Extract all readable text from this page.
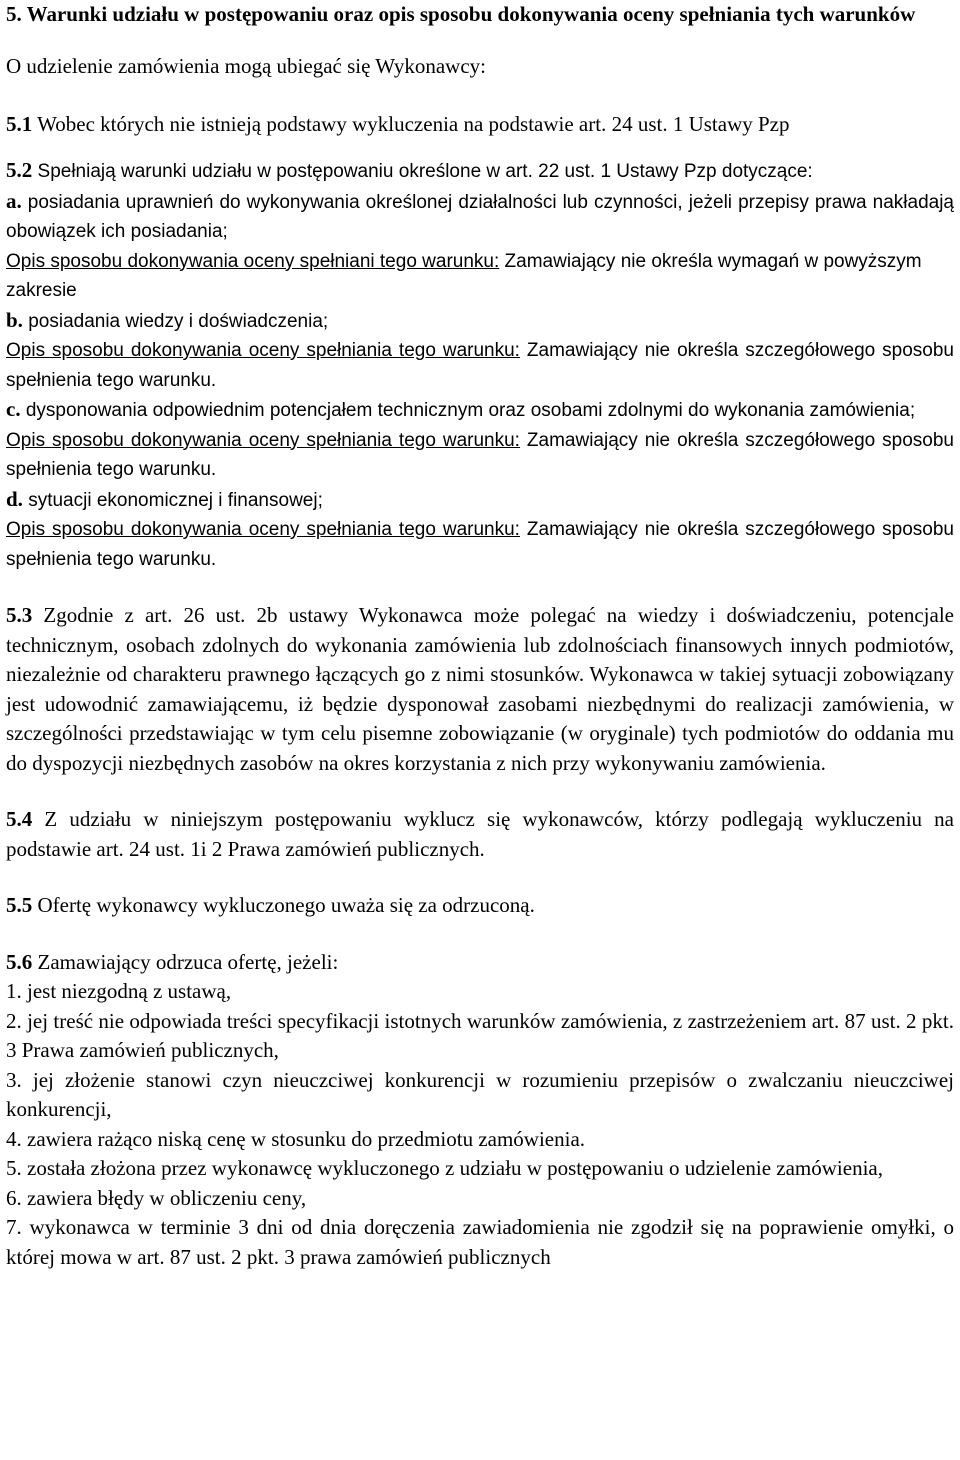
5. Warunki udziału w postępowaniu oraz opis sposobu dokonywania oceny spełniania tych warunków

O udzielenie zamówienia mogą ubiegać się Wykonawcy:

5.1 Wobec których nie istnieją podstawy wykluczenia na podstawie art. 24 ust. 1 Ustawy Pzp

5.2 Spełniają warunki udziału w postępowaniu określone w art. 22 ust. 1 Ustawy Pzp dotyczące:

a. posiadania uprawnień do wykonywania określonej działalności lub czynności, jeżeli przepisy prawa nakładają obowiązek ich posiadania;

Opis sposobu dokonywania oceny spełniani tego warunku: Zamawiający nie określa wymagań w powyższym zakresie

b. posiadania wiedzy i doświadczenia;

Opis sposobu dokonywania oceny spełniania tego warunku: Zamawiający nie określa szczegółowego sposobu spełnienia tego warunku.

c. dysponowania odpowiednim potencjałem technicznym oraz osobami zdolnymi do wykonania zamówienia;

Opis sposobu dokonywania oceny spełniania tego warunku: Zamawiający nie określa szczegółowego sposobu spełnienia tego warunku.

d. sytuacji ekonomicznej i finansowej;

Opis sposobu dokonywania oceny spełniania tego warunku: Zamawiający nie określa szczegółowego sposobu spełnienia tego warunku.

5.3 Zgodnie z art. 26 ust. 2b ustawy Wykonawca może polegać na wiedzy i doświadczeniu, potencjale technicznym, osobach zdolnych do wykonania zamówienia lub zdolnościach finansowych innych podmiotów, niezależnie od charakteru prawnego łączących go z nimi stosunków. Wykonawca w takiej sytuacji zobowiązany jest udowodnić zamawiającemu, iż będzie dysponował zasobami niezbędnymi do realizacji zamówienia, w szczególności przedstawiając w tym celu pisemne zobowiązanie (w oryginale) tych podmiotów do oddania mu do dyspozycji niezbędnych zasobów na okres korzystania z nich przy wykonywaniu zamówienia.

5.4 Z udziału w niniejszym postępowaniu wyklucz się wykonawców, którzy podlegają wykluczeniu na podstawie art. 24 ust. 1i 2 Prawa zamówień publicznych.

5.5 Ofertę wykonawcy wykluczonego uważa się za odrzuconą.

5.6 Zamawiający odrzuca ofertę, jeżeli:

1. jest niezgodną z ustawą,

2. jej treść nie odpowiada treści specyfikacji istotnych warunków zamówienia, z zastrzeżeniem art. 87 ust. 2 pkt. 3 Prawa zamówień publicznych,

3. jej złożenie stanowi czyn nieuczciwej konkurencji w rozumieniu przepisów o zwalczaniu nieuczciwej konkurencji,

4. zawiera rażąco niską cenę w stosunku do przedmiotu zamówienia.

5. została złożona przez wykonawcę wykluczonego z udziału w postępowaniu o udzielenie zamówienia,

6. zawiera błędy w obliczeniu ceny,

7. wykonawca w terminie 3 dni od dnia doręczenia zawiadomienia nie zgodził się na poprawienie omyłki, o której mowa w art. 87 ust. 2 pkt. 3 prawa zamówień publicznych
